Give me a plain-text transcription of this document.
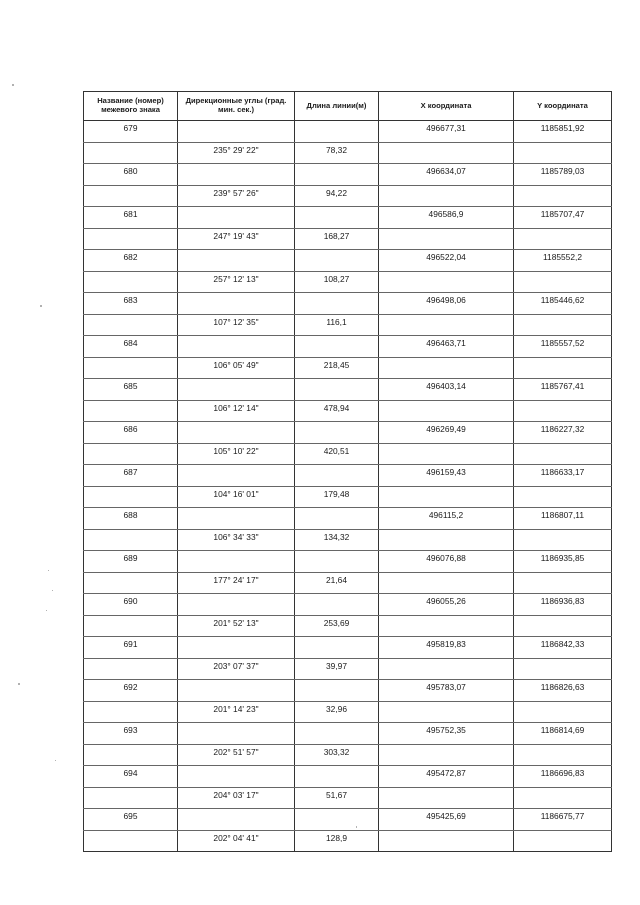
Название (номер) межевого знака	Дирекционные углы (град. мин. сек.)	Длина линии(м)	X координата	Y координата
679			496677,31	1185851,92
	235° 29' 22"	78,32		
680			496634,07	1185789,03
	239° 57' 26"	94,22		
681			496586,9	1185707,47
	247° 19' 43"	168,27		
682			496522,04	1185552,2
	257° 12' 13"	108,27		
683			496498,06	1185446,62
	107° 12' 35"	116,1		
684			496463,71	1185557,52
	106° 05' 49"	218,45		
685			496403,14	1185767,41
	106° 12' 14"	478,94		
686			496269,49	1186227,32
	105° 10' 22"	420,51		
687			496159,43	1186633,17
	104° 16' 01"	179,48		
688			496115,2	1186807,11
	106° 34' 33"	134,32		
689			496076,88	1186935,85
	177° 24' 17"	21,64		
690			496055,26	1186936,83
	201° 52' 13"	253,69		
691			495819,83	1186842,33
	203° 07' 37"	39,97		
692			495783,07	1186826,63
	201° 14' 23"	32,96		
693			495752,35	1186814,69
	202° 51' 57"	303,32		
694			495472,87	1186696,83
	204° 03' 17"	51,67		
695			495425,69	1186675,77
	202° 04' 41"	128,9		
